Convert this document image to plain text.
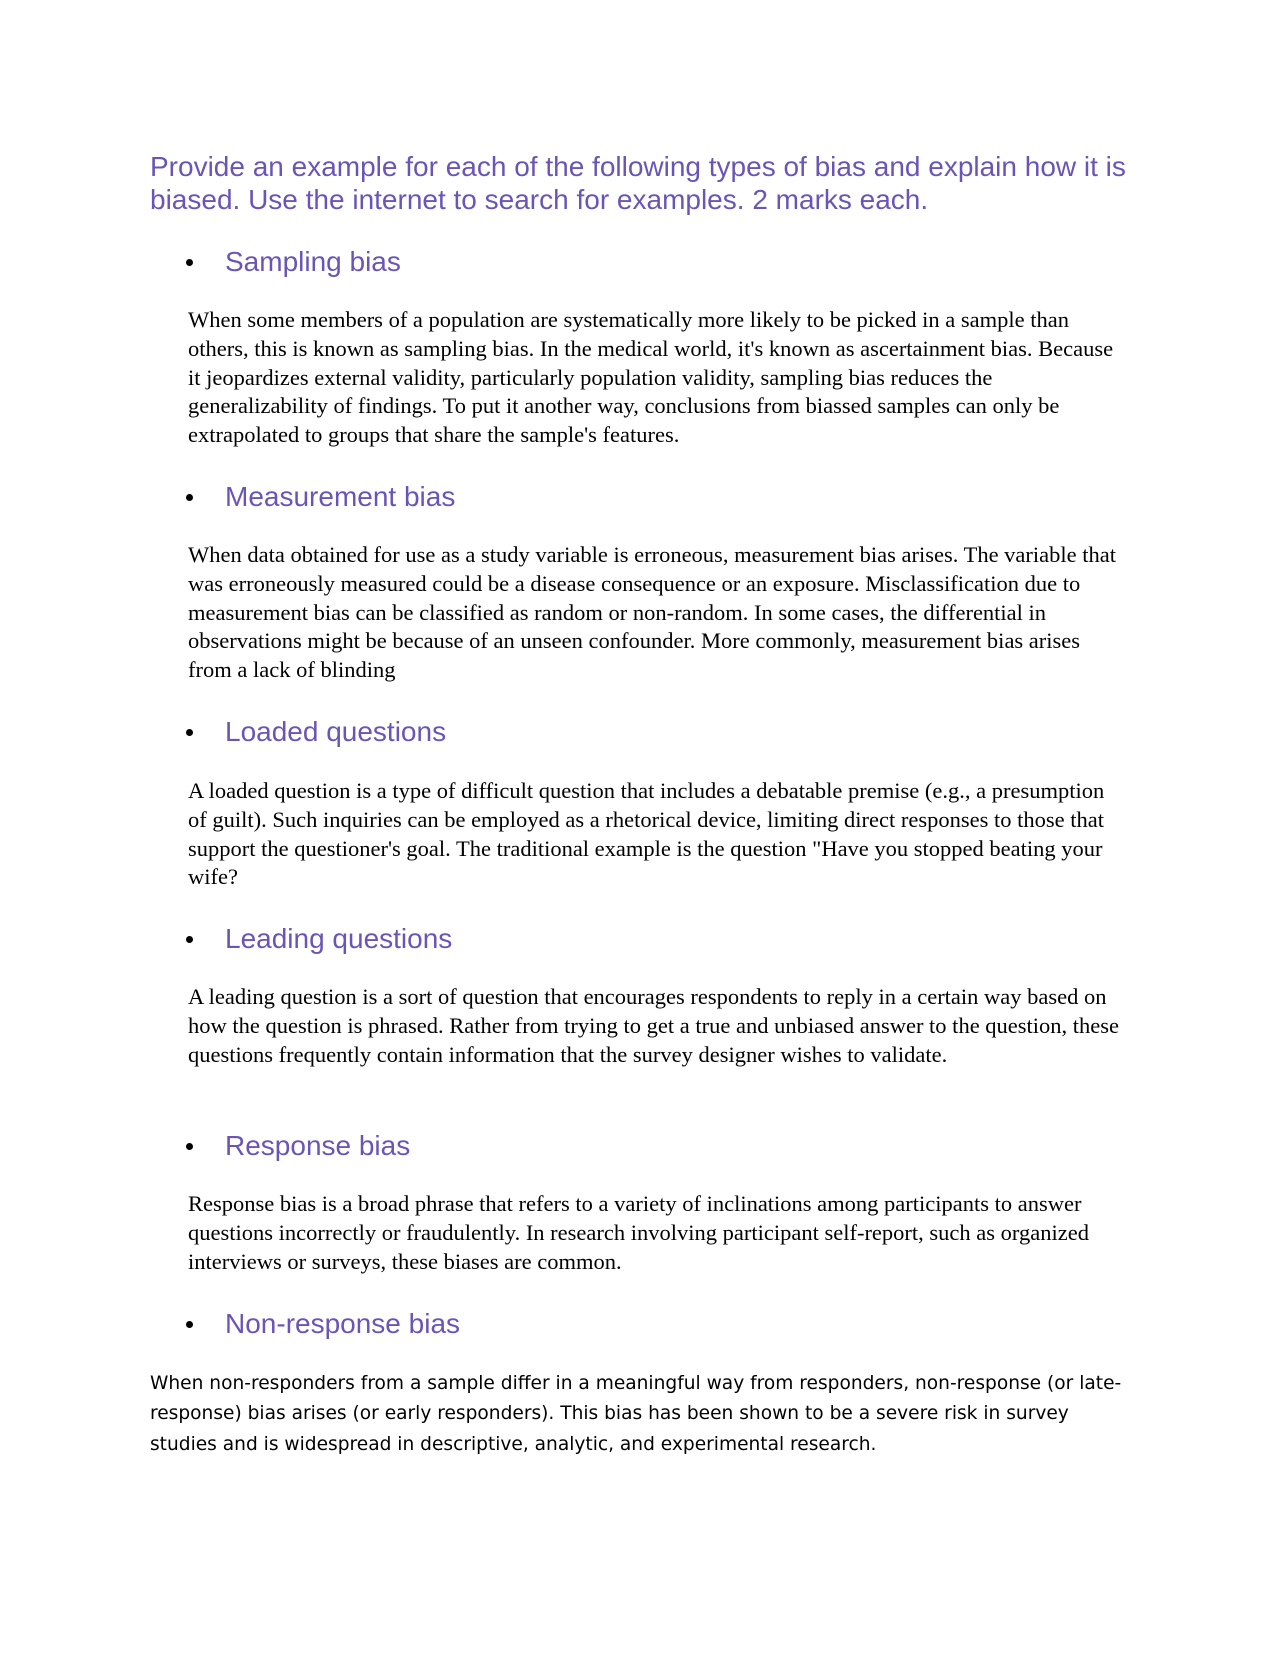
Provide an example for each of the following types of bias and explain how it is biased. Use the internet to search for examples. 2 marks each.

Sampling bias

When some members of a population are systematically more likely to be picked in a sample than others, this is known as sampling bias. In the medical world, it's known as ascertainment bias. Because it jeopardizes external validity, particularly population validity, sampling bias reduces the generalizability of findings. To put it another way, conclusions from biassed samples can only be extrapolated to groups that share the sample's features.

Measurement bias

When data obtained for use as a study variable is erroneous, measurement bias arises. The variable that was erroneously measured could be a disease consequence or an exposure. Misclassification due to measurement bias can be classified as random or non-random. In some cases, the differential in observations might be because of an unseen confounder. More commonly, measurement bias arises from a lack of blinding

Loaded questions

A loaded question is a type of difficult question that includes a debatable premise (e.g., a presumption of guilt). Such inquiries can be employed as a rhetorical device, limiting direct responses to those that support the questioner's goal. The traditional example is the question "Have you stopped beating your wife?

Leading questions

A leading question is a sort of question that encourages respondents to reply in a certain way based on how the question is phrased. Rather from trying to get a true and unbiased answer to the question, these questions frequently contain information that the survey designer wishes to validate.

Response bias

Response bias is a broad phrase that refers to a variety of inclinations among participants to answer questions incorrectly or fraudulently. In research involving participant self-report, such as organized interviews or surveys, these biases are common.

Non-response bias

When non-responders from a sample differ in a meaningful way from responders, non-response (or late-response) bias arises (or early responders). This bias has been shown to be a severe risk in survey studies and is widespread in descriptive, analytic, and experimental research.
